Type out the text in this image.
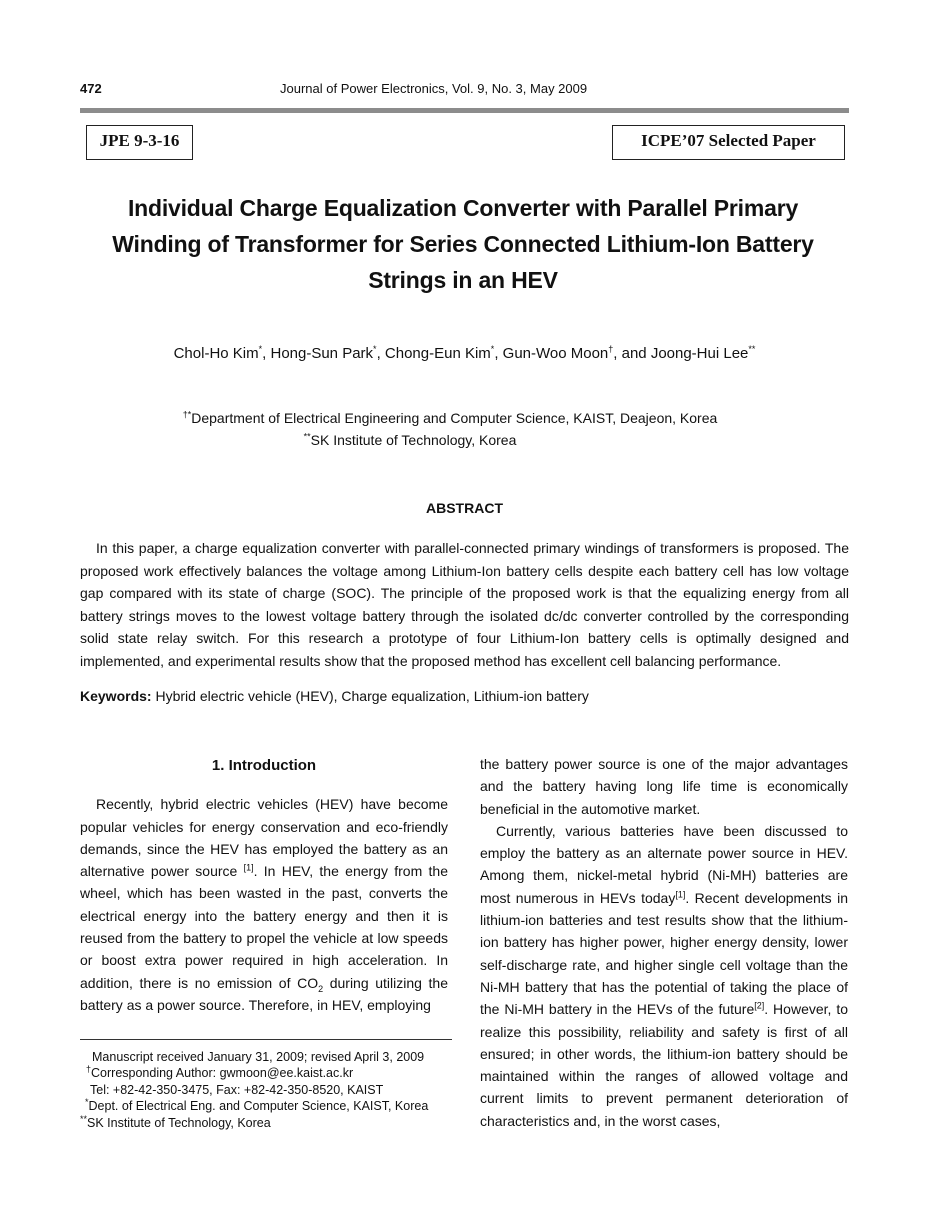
472	Journal of Power Electronics, Vol. 9, No. 3, May 2009
JPE 9-3-16	ICPE’07 Selected Paper
Individual Charge Equalization Converter with Parallel Primary Winding of Transformer for Series Connected Lithium-Ion Battery Strings in an HEV
Chol-Ho Kim*, Hong-Sun Park*, Chong-Eun Kim*, Gun-Woo Moon†, and Joong-Hui Lee**
†*Department of Electrical Engineering and Computer Science, KAIST, Deajeon, Korea
**SK Institute of Technology, Korea
ABSTRACT

In this paper, a charge equalization converter with parallel-connected primary windings of transformers is proposed. The proposed work effectively balances the voltage among Lithium-Ion battery cells despite each battery cell has low voltage gap compared with its state of charge (SOC). The principle of the proposed work is that the equalizing energy from all battery strings moves to the lowest voltage battery through the isolated dc/dc converter controlled by the corresponding solid state relay switch. For this research a prototype of four Lithium-Ion battery cells is optimally designed and implemented, and experimental results show that the proposed method has excellent cell balancing performance.

Keywords: Hybrid electric vehicle (HEV), Charge equalization, Lithium-ion battery

1. Introduction

Recently, hybrid electric vehicles (HEV) have become popular vehicles for energy conservation and eco-friendly demands, since the HEV has employed the battery as an alternative power source [1]. In HEV, the energy from the wheel, which has been wasted in the past, converts the electrical energy into the battery energy and then it is reused from the battery to propel the vehicle at low speeds or boost extra power required in high acceleration. In addition, there is no emission of $CO_2$ during utilizing the battery as a power source. Therefore, in HEV, employing

the battery power source is one of the major advantages and the battery having long life time is economically beneficial in the automotive market.

Currently, various batteries have been discussed to employ the battery as an alternate power source in HEV. Among them, nickel-metal hybrid (Ni-MH) batteries are most numerous in HEVs today[1]. Recent developments in lithium-ion batteries and test results show that the lithium-ion battery has higher power, higher energy density, lower self-discharge rate, and higher single cell voltage than the Ni-MH battery that has the potential of taking the place of the Ni-MH battery in the HEVs of the future[2]. However, to realize this possibility, reliability and safety is first of all ensured; in other words, the lithium-ion battery should be maintained within the ranges of allowed voltage and current limits to prevent permanent deterioration of characteristics and, in the worst cases,

Manuscript received January 31, 2009; revised April 3, 2009
†Corresponding Author: gwmoon@ee.kaist.ac.kr
Tel: +82-42-350-3475, Fax: +82-42-350-8520, KAIST
*Dept. of Electrical Eng. and Computer Science, KAIST, Korea
**SK Institute of Technology, Korea
